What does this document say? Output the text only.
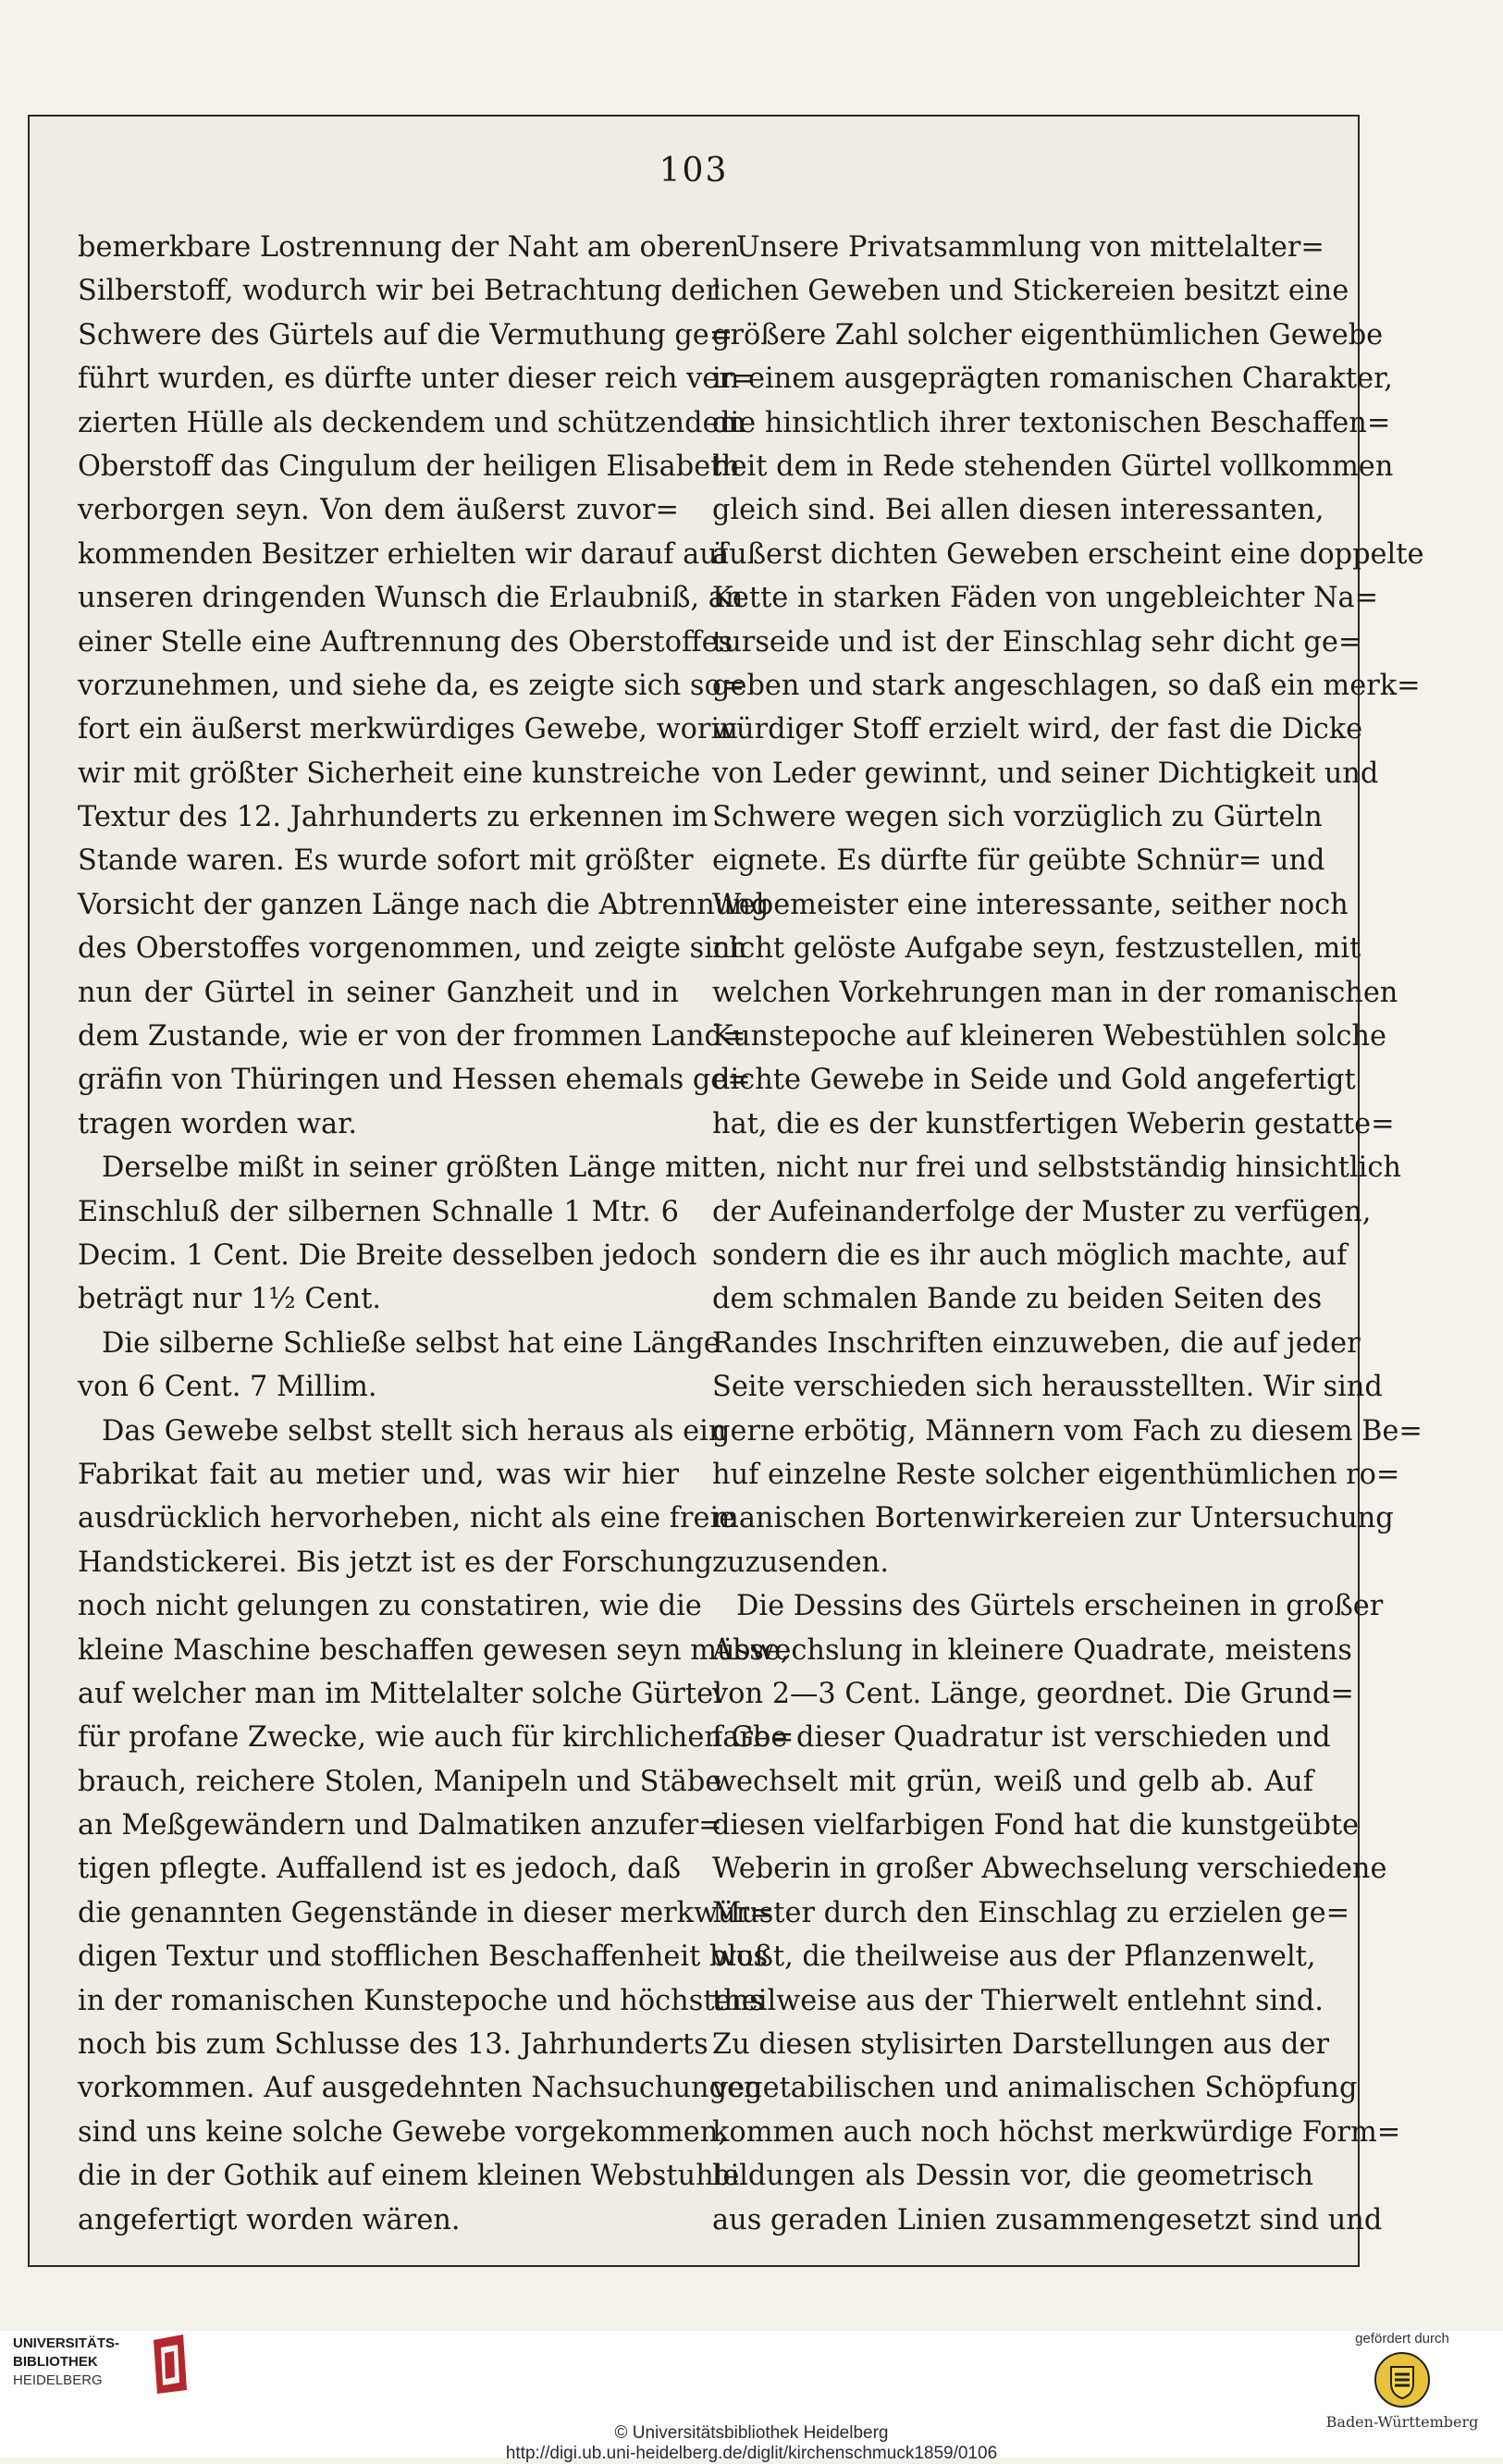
103
bemerkbare Lostrennung der Naht am oberen
Silberstoff, wodurch wir bei Betrachtung der
Schwere des Gürtels auf die Vermuthung ge=
führt wurden, es dürfte unter dieser reich ver=
zierten Hülle als deckendem und schützendem
Oberstoff das Cingulum der heiligen Elisabeth
verborgen seyn. Von dem äußerst zuvor=
kommenden Besitzer erhielten wir darauf auf
unseren dringenden Wunsch die Erlaubniß, an
einer Stelle eine Auftrennung des Oberstoffes
vorzunehmen, und siehe da, es zeigte sich so=
fort ein äußerst merkwürdiges Gewebe, worin
wir mit größter Sicherheit eine kunstreiche
Textur des 12. Jahrhunderts zu erkennen im
Stande waren. Es wurde sofort mit größter
Vorsicht der ganzen Länge nach die Abtrennung
des Oberstoffes vorgenommen, und zeigte sich
nun der Gürtel in seiner Ganzheit und in
dem Zustande, wie er von der frommen Land=
gräfin von Thüringen und Hessen ehemals ge=
tragen worden war.
Derselbe mißt in seiner größten Länge mit
Einschluß der silbernen Schnalle 1 Mtr. 6
Decim. 1 Cent. Die Breite desselben jedoch
beträgt nur 1½ Cent.
Die silberne Schließe selbst hat eine Länge
von 6 Cent. 7 Millim.
Das Gewebe selbst stellt sich heraus als ein
Fabrikat fait au metier und, was wir hier
ausdrücklich hervorheben, nicht als eine freie
Handstickerei. Bis jetzt ist es der Forschung
noch nicht gelungen zu constatiren, wie die
kleine Maschine beschaffen gewesen seyn müsse,
auf welcher man im Mittelalter solche Gürtel
für profane Zwecke, wie auch für kirchlichen Ge=
brauch, reichere Stolen, Manipeln und Stäbe
an Meßgewändern und Dalmatiken anzufer=
tigen pflegte. Auffallend ist es jedoch, daß
die genannten Gegenstände in dieser merkwür=
digen Textur und stofflichen Beschaffenheit blos
in der romanischen Kunstepoche und höchstens
noch bis zum Schlusse des 13. Jahrhunderts
vorkommen. Auf ausgedehnten Nachsuchungen
sind uns keine solche Gewebe vorgekommen,
die in der Gothik auf einem kleinen Webstuhle
angefertigt worden wären.
Unsere Privatsammlung von mittelalter=
lichen Geweben und Stickereien besitzt eine
größere Zahl solcher eigenthümlichen Gewebe
in einem ausgeprägten romanischen Charakter,
die hinsichtlich ihrer textonischen Beschaffen=
heit dem in Rede stehenden Gürtel vollkommen
gleich sind. Bei allen diesen interessanten,
äußerst dichten Geweben erscheint eine doppelte
Kette in starken Fäden von ungebleichter Na=
turseide und ist der Einschlag sehr dicht ge=
geben und stark angeschlagen, so daß ein merk=
würdiger Stoff erzielt wird, der fast die Dicke
von Leder gewinnt, und seiner Dichtigkeit und
Schwere wegen sich vorzüglich zu Gürteln
eignete. Es dürfte für geübte Schnür= und
Webemeister eine interessante, seither noch
nicht gelöste Aufgabe seyn, festzustellen, mit
welchen Vorkehrungen man in der romanischen
Kunstepoche auf kleineren Webestühlen solche
dichte Gewebe in Seide und Gold angefertigt
hat, die es der kunstfertigen Weberin gestatte=
ten, nicht nur frei und selbstständig hinsichtlich
der Aufeinanderfolge der Muster zu verfügen,
sondern die es ihr auch möglich machte, auf
dem schmalen Bande zu beiden Seiten des
Randes Inschriften einzuweben, die auf jeder
Seite verschieden sich herausstellten. Wir sind
gerne erbötig, Männern vom Fach zu diesem Be=
huf einzelne Reste solcher eigenthümlichen ro=
manischen Bortenwirkereien zur Untersuchung
zuzusenden.
Die Dessins des Gürtels erscheinen in großer
Abwechslung in kleinere Quadrate, meistens
von 2—3 Cent. Länge, geordnet. Die Grund=
farbe dieser Quadratur ist verschieden und
wechselt mit grün, weiß und gelb ab. Auf
diesen vielfarbigen Fond hat die kunstgeübte
Weberin in großer Abwechselung verschiedene
Muster durch den Einschlag zu erzielen ge=
wußt, die theilweise aus der Pflanzenwelt,
theilweise aus der Thierwelt entlehnt sind.
Zu diesen stylisirten Darstellungen aus der
vegetabilischen und animalischen Schöpfung
kommen auch noch höchst merkwürdige Form=
bildungen als Dessin vor, die geometrisch
aus geraden Linien zusammengesetzt sind und
UNIVERSITÄTS-
BIBLIOTHEK
HEIDELBERG
© Universitätsbibliothek Heidelberg
http://digi.ub.uni-heidelberg.de/diglit/kirchenschmuck1859/0106
gefördert durch
Baden-Württemberg
